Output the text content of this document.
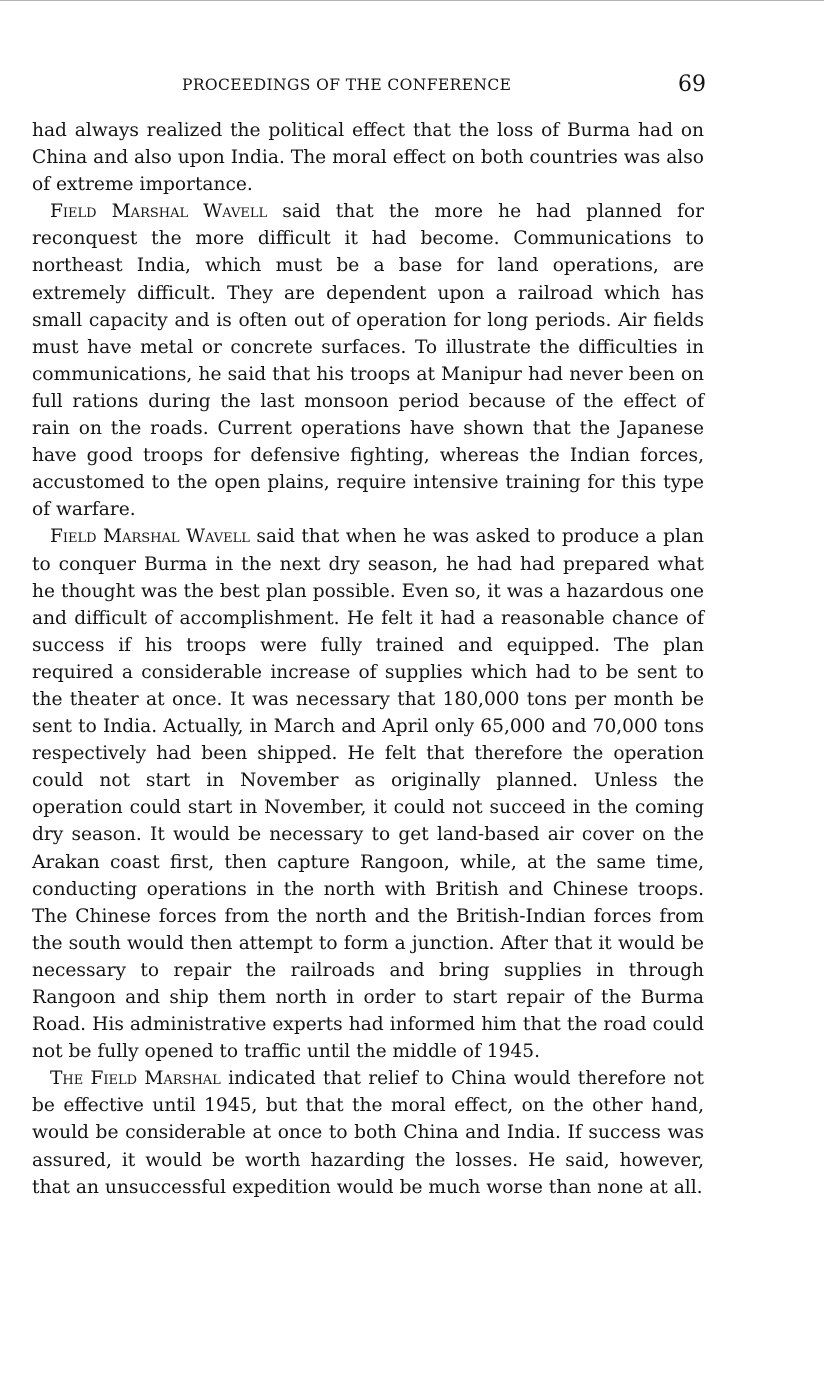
PROCEEDINGS OF THE CONFERENCE	69

had always realized the political effect that the loss of Burma had on China and also upon India. The moral effect on both countries was also of extreme importance.

Field Marshal Wavell said that the more he had planned for reconquest the more difficult it had become. Communications to northeast India, which must be a base for land operations, are extremely difficult. They are dependent upon a railroad which has small capacity and is often out of operation for long periods. Air fields must have metal or concrete surfaces. To illustrate the difficulties in communications, he said that his troops at Manipur had never been on full rations during the last monsoon period because of the effect of rain on the roads. Current operations have shown that the Japanese have good troops for defensive fighting, whereas the Indian forces, accustomed to the open plains, require intensive training for this type of warfare.

Field Marshal Wavell said that when he was asked to produce a plan to conquer Burma in the next dry season, he had had prepared what he thought was the best plan possible. Even so, it was a hazardous one and difficult of accomplishment. He felt it had a reasonable chance of success if his troops were fully trained and equipped. The plan required a considerable increase of supplies which had to be sent to the theater at once. It was necessary that 180,000 tons per month be sent to India. Actually, in March and April only 65,000 and 70,000 tons respectively had been shipped. He felt that therefore the operation could not start in November as originally planned. Unless the operation could start in November, it could not succeed in the coming dry season. It would be necessary to get land-based air cover on the Arakan coast first, then capture Rangoon, while, at the same time, conducting operations in the north with British and Chinese troops. The Chinese forces from the north and the British-Indian forces from the south would then attempt to form a junction. After that it would be necessary to repair the railroads and bring supplies in through Rangoon and ship them north in order to start repair of the Burma Road. His administrative experts had informed him that the road could not be fully opened to traffic until the middle of 1945.

The Field Marshal indicated that relief to China would therefore not be effective until 1945, but that the moral effect, on the other hand, would be considerable at once to both China and India. If success was assured, it would be worth hazarding the losses. He said, however, that an unsuccessful expedition would be much worse than none at all.
